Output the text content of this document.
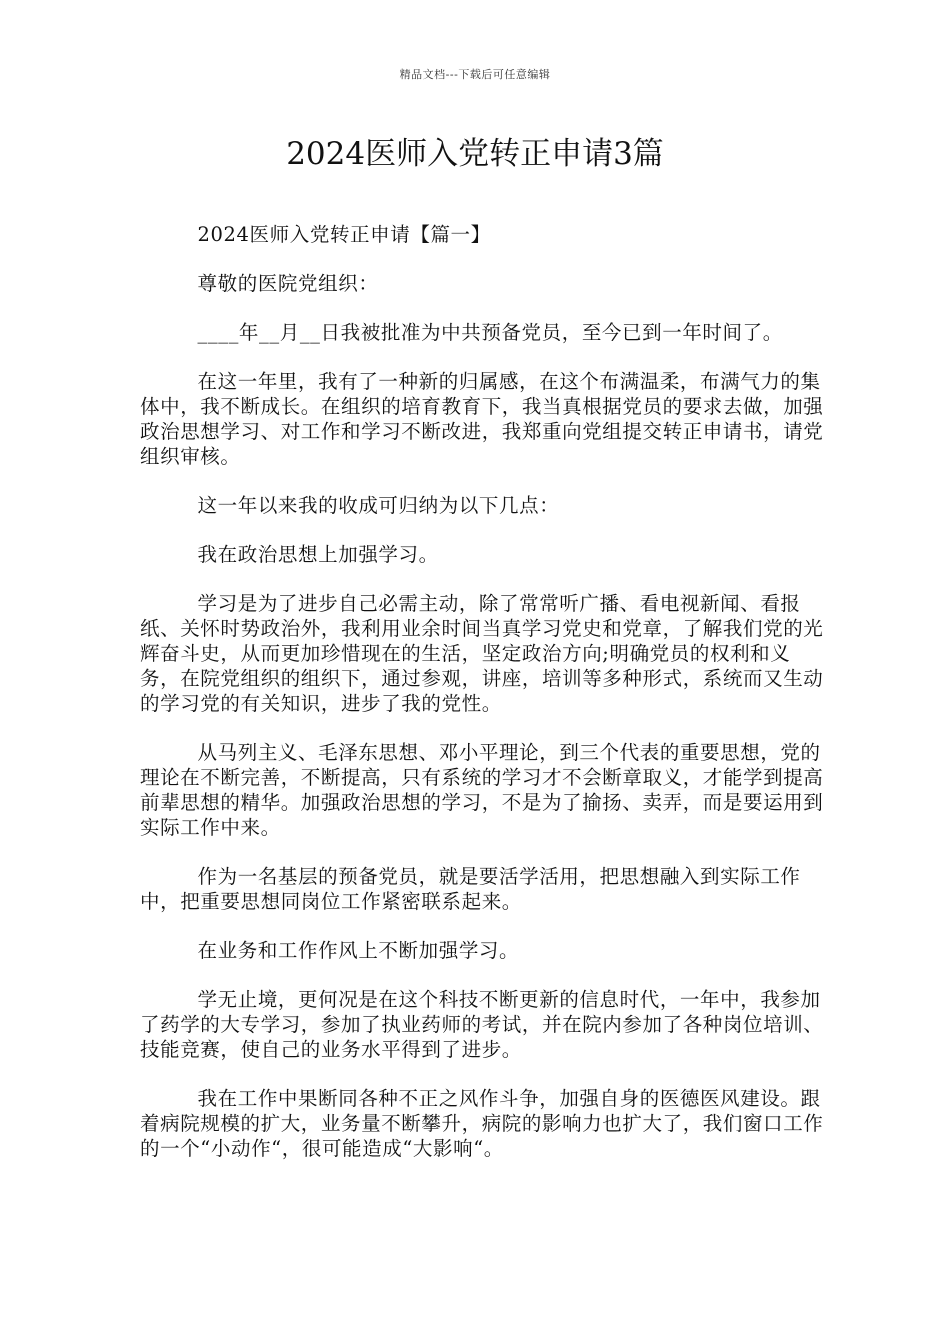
精品文档---下载后可任意编辑
2024医师入党转正申请3篇

2024医师入党转正申请【篇一】

尊敬的医院党组织：

____年__月__日我被批准为中共预备党员，至今已到一年时间了。

在这一年里，我有了一种新的归属感，在这个布满温柔，布满气力的集体中，我不断成长。在组织的培育教育下，我当真根据党员的要求去做，加强政治思想学习、对工作和学习不断改进，我郑重向党组提交转正申请书，请党组织审核。

这一年以来我的收成可归纳为以下几点：

我在政治思想上加强学习。

学习是为了进步自己必需主动，除了常常听广播、看电视新闻、看报纸、关怀时势政治外，我利用业余时间当真学习党史和党章，了解我们党的光辉奋斗史，从而更加珍惜现在的生活，坚定政治方向;明确党员的权利和义务，在院党组织的组织下，通过参观，讲座，培训等多种形式，系统而又生动的学习党的有关知识，进步了我的党性。

从马列主义、毛泽东思想、邓小平理论，到三个代表的重要思想，党的理论在不断完善，不断提高，只有系统的学习才不会断章取义，才能学到提高前辈思想的精华。加强政治思想的学习，不是为了揄扬、卖弄，而是要运用到实际工作中来。

作为一名基层的预备党员，就是要活学活用，把思想融入到实际工作中，把重要思想同岗位工作紧密联系起来。

在业务和工作作风上不断加强学习。

学无止境，更何况是在这个科技不断更新的信息时代，一年中，我参加了药学的大专学习，参加了执业药师的考试，并在院内参加了各种岗位培训、技能竞赛，使自己的业务水平得到了进步。

我在工作中果断同各种不正之风作斗争，加强自身的医德医风建设。跟着病院规模的扩大，业务量不断攀升，病院的影响力也扩大了，我们窗口工作的一个“小动作“，很可能造成“大影响“。
